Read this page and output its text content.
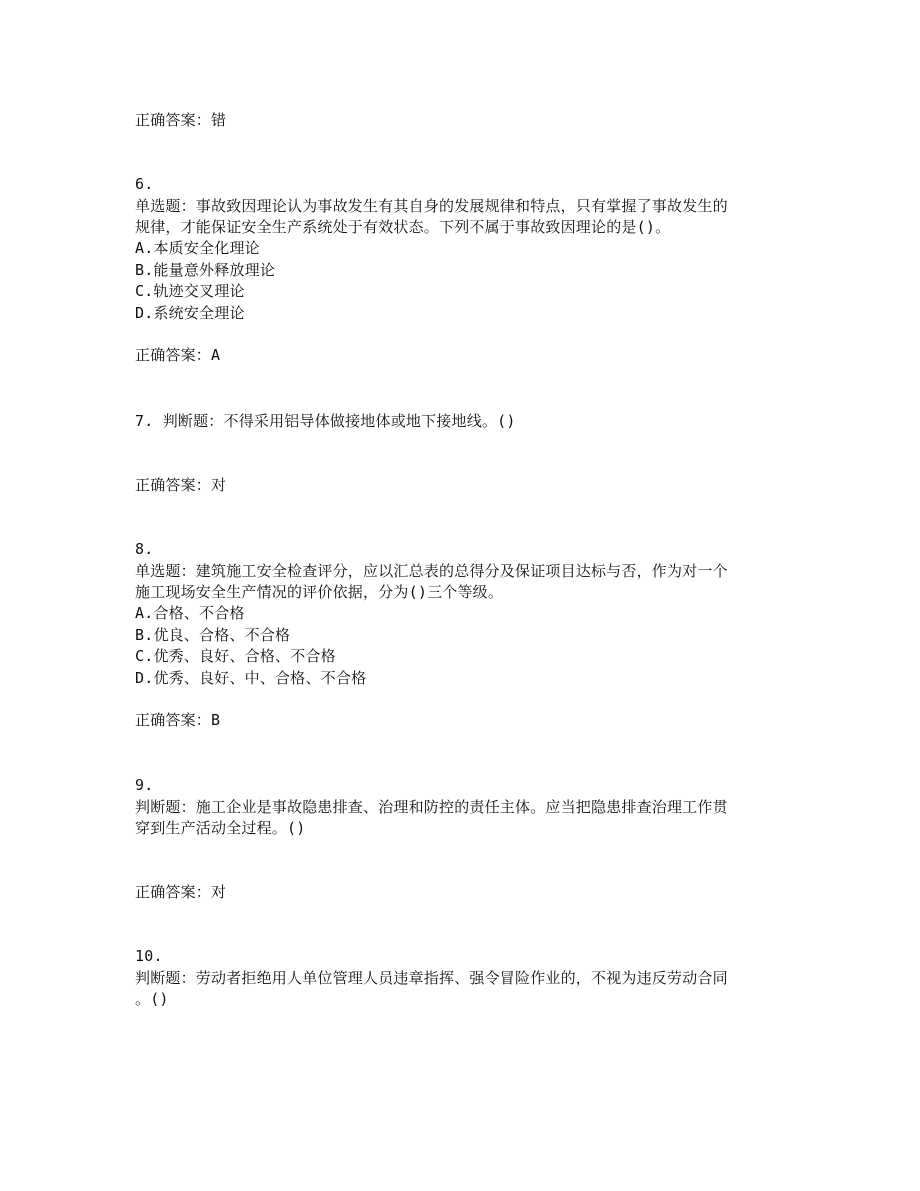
正确答案：错
6.
单选题：事故致因理论认为事故发生有其自身的发展规律和特点，只有掌握了事故发生的
规律，才能保证安全生产系统处于有效状态。下列不属于事故致因理论的是()。
A.本质安全化理论
B.能量意外释放理论
C.轨迹交叉理论
D.系统安全理论
正确答案：A
7. 判断题：不得采用铝导体做接地体或地下接地线。()
正确答案：对
8.
单选题：建筑施工安全检查评分，应以汇总表的总得分及保证项目达标与否，作为对一个
施工现场安全生产情况的评价依据，分为()三个等级。
A.合格、不合格
B.优良、合格、不合格
C.优秀、良好、合格、不合格
D.优秀、良好、中、合格、不合格
正确答案：B
9.
判断题：施工企业是事故隐患排查、治理和防控的责任主体。应当把隐患排查治理工作贯
穿到生产活动全过程。()
正确答案：对
10.
判断题：劳动者拒绝用人单位管理人员违章指挥、强令冒险作业的，不视为违反劳动合同
。()
